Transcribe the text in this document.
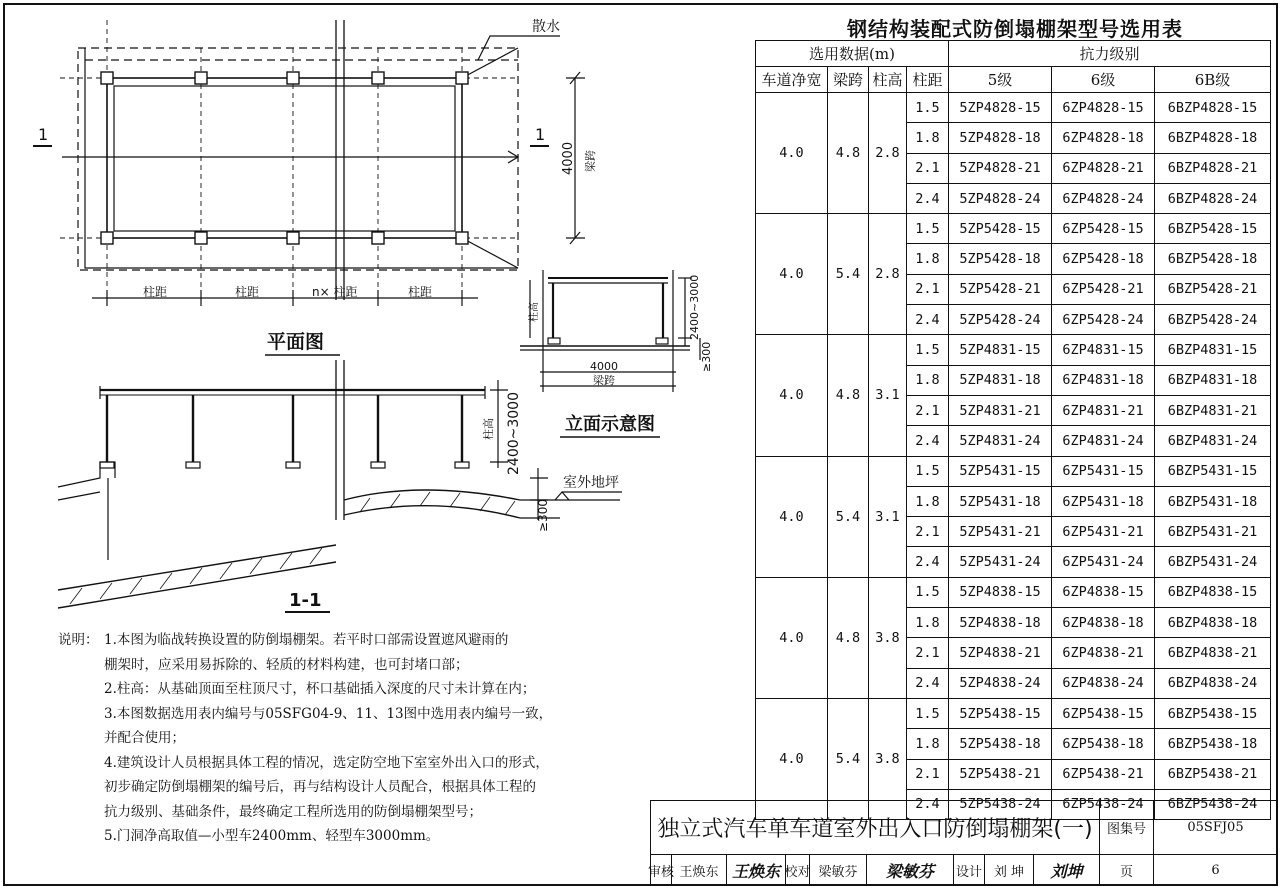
散水
1	1
4000 梁跨
柱距	柱距	n× 柱距	柱距
平面图
1-1
2400~3000
柱高
室外地坪
≥300
4000
梁跨
2400~3000
柱高
≥300
立面示意图
说明： 1.本图为临战转换设置的防倒塌棚架。若平时口部需设置遮风避雨的
棚架时，应采用易拆除的、轻质的材料构建，也可封堵口部；
2.柱高：从基础顶面至柱顶尺寸，杯口基础插入深度的尺寸未计算在内；
3.本图数据选用表内编号与05SFG04-9、11、13图中选用表内编号一致，
并配合使用；
4.建筑设计人员根据具体工程的情况，选定防空地下室室外出入口的形式，
初步确定防倒塌棚架的编号后，再与结构设计人员配合，根据具体工程的
抗力级别、基础条件，最终确定工程所选用的防倒塌棚架型号；
5.门洞净高取值—小型车2400mm、轻型车3000mm。
钢结构装配式防倒塌棚架型号选用表
选用数据(m)				抗力级别		
车道净宽	梁跨	柱高	柱距	5级	6级	6B级
4.0	4.8	2.8	1.5	5ZP4828-15	6ZP4828-15	6BZP4828-15
			1.8	5ZP4828-18	6ZP4828-18	6BZP4828-18
			2.1	5ZP4828-21	6ZP4828-21	6BZP4828-21
			2.4	5ZP4828-24	6ZP4828-24	6BZP4828-24
4.0	5.4	2.8	1.5	5ZP5428-15	6ZP5428-15	6BZP5428-15
			1.8	5ZP5428-18	6ZP5428-18	6BZP5428-18
			2.1	5ZP5428-21	6ZP5428-21	6BZP5428-21
			2.4	5ZP5428-24	6ZP5428-24	6BZP5428-24
4.0	4.8	3.1	1.5	5ZP4831-15	6ZP4831-15	6BZP4831-15
			1.8	5ZP4831-18	6ZP4831-18	6BZP4831-18
			2.1	5ZP4831-21	6ZP4831-21	6BZP4831-21
			2.4	5ZP4831-24	6ZP4831-24	6BZP4831-24
4.0	5.4	3.1	1.5	5ZP5431-15	6ZP5431-15	6BZP5431-15
			1.8	5ZP5431-18	6ZP5431-18	6BZP5431-18
			2.1	5ZP5431-21	6ZP5431-21	6BZP5431-21
			2.4	5ZP5431-24	6ZP5431-24	6BZP5431-24
4.0	4.8	3.8	1.5	5ZP4838-15	6ZP4838-15	6BZP4838-15
			1.8	5ZP4838-18	6ZP4838-18	6BZP4838-18
			2.1	5ZP4838-21	6ZP4838-21	6BZP4838-21
			2.4	5ZP4838-24	6ZP4838-24	6BZP4838-24
4.0	5.4	3.8	1.5	5ZP5438-15	6ZP5438-15	6BZP5438-15
			1.8	5ZP5438-18	6ZP5438-18	6BZP5438-18
			2.1	5ZP5438-21	6ZP5438-21	6BZP5438-21
			2.4	5ZP5438-24	6ZP5438-24	6BZP5438-24
独立式汽车单车道室外出入口防倒塌棚架(一)	图集号	05SFJ05
审核 王焕东 王焕东 校对 梁敏芬	梁敏芬	设计 刘 坤	刘坤	页	6
